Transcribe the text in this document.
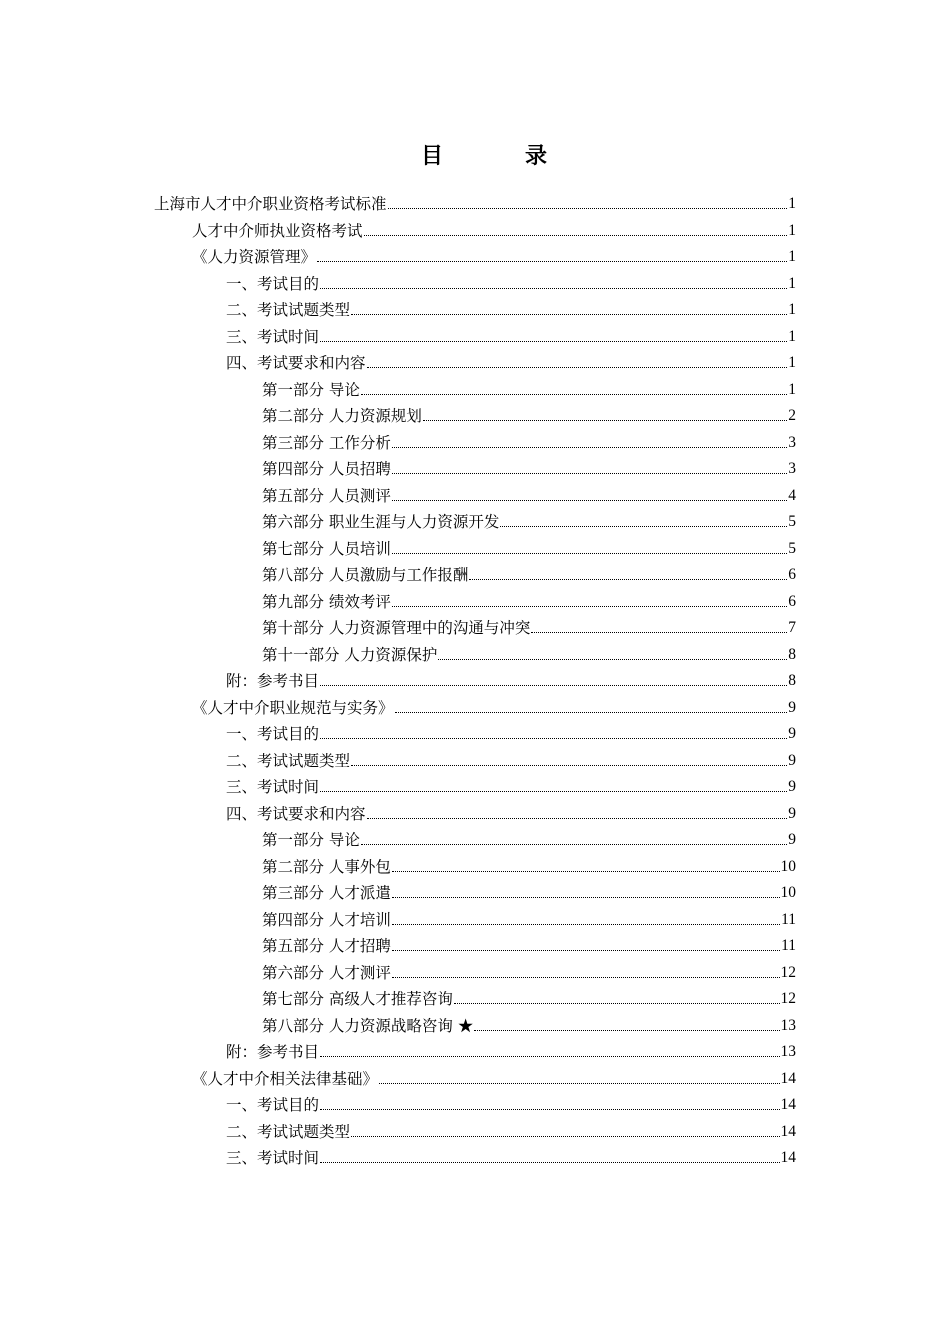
目　录
上海市人才中介职业资格考试标准	1
人才中介师执业资格考试	1
《人力资源管理》	1
一、考试目的	1
二、考试试题类型	1
三、考试时间	1
四、考试要求和内容	1
第一部分 导论	1
第二部分 人力资源规划	2
第三部分 工作分析	3
第四部分 人员招聘	3
第五部分 人员测评	4
第六部分 职业生涯与人力资源开发	5
第七部分 人员培训	5
第八部分 人员激励与工作报酬	6
第九部分 绩效考评	6
第十部分 人力资源管理中的沟通与冲突	7
第十一部分 人力资源保护	8
附：参考书目	8
《人才中介职业规范与实务》	9
一、考试目的	9
二、考试试题类型	9
三、考试时间	9
四、考试要求和内容	9
第一部分 导论	9
第二部分 人事外包	10
第三部分 人才派遣	10
第四部分 人才培训	11
第五部分 人才招聘	11
第六部分 人才测评	12
第七部分 高级人才推荐咨询	12
第八部分 人力资源战略咨询 ★	13
附：参考书目	13
《人才中介相关法律基础》	14
一、考试目的	14
二、考试试题类型	14
三、考试时间	14
